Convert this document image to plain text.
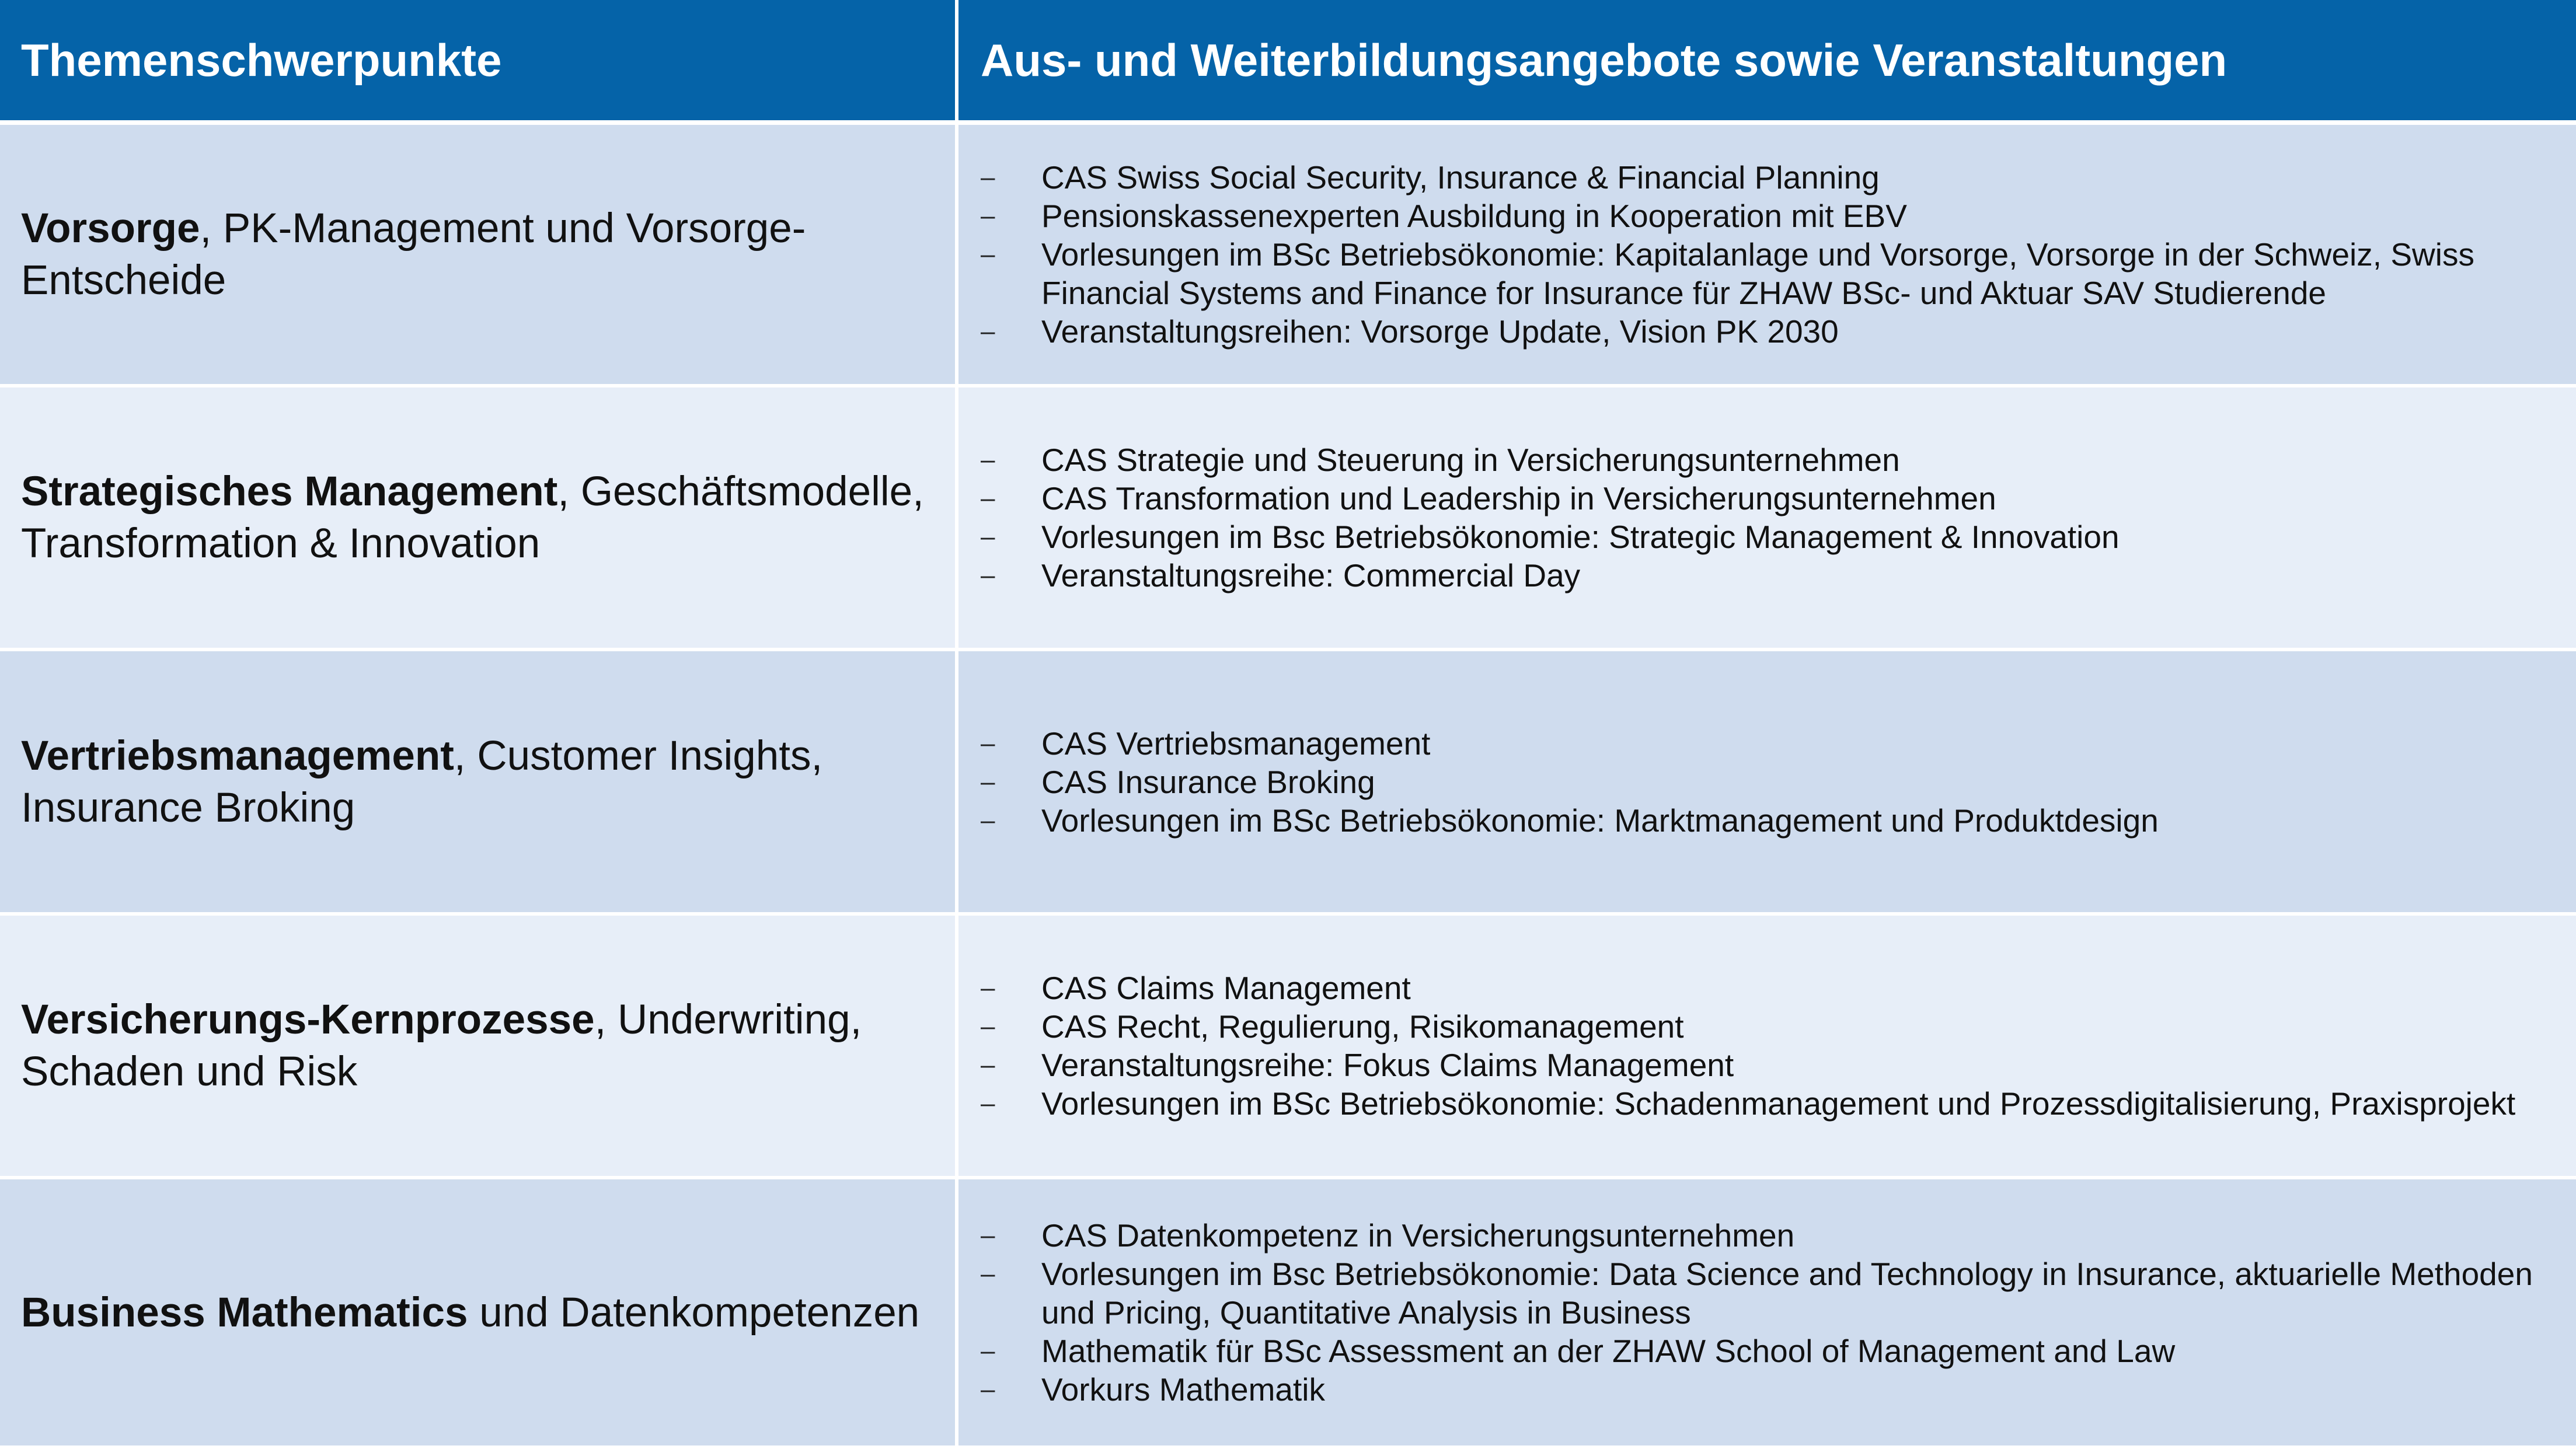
Themenschwerpunkte	Aus- und Weiterbildungsangebote sowie Veranstaltungen
Vorsorge, PK-Management und Vorsorge-Entscheide
– CAS Swiss Social Security, Insurance & Financial Planning
– Pensionskassenexperten Ausbildung in Kooperation mit EBV
– Vorlesungen im BSc Betriebsökonomie: Kapitalanlage und Vorsorge, Vorsorge in der Schweiz, Swiss Financial Systems and Finance for Insurance für ZHAW BSc- und Aktuar SAV Studierende
– Veranstaltungsreihen: Vorsorge Update, Vision PK 2030
Strategisches Management, Geschäftsmodelle, Transformation & Innovation
– CAS Strategie und Steuerung in Versicherungsunternehmen
– CAS Transformation und Leadership in Versicherungsunternehmen
– Vorlesungen im Bsc Betriebsökonomie: Strategic Management & Innovation
– Veranstaltungsreihe: Commercial Day
Vertriebsmanagement, Customer Insights, Insurance Broking
– CAS Vertriebsmanagement
– CAS Insurance Broking
– Vorlesungen im BSc Betriebsökonomie: Marktmanagement und Produktdesign
Versicherungs-Kernprozesse, Underwriting, Schaden und Risk
– CAS Claims Management
– CAS Recht, Regulierung, Risikomanagement
– Veranstaltungsreihe: Fokus Claims Management
– Vorlesungen im BSc Betriebsökonomie: Schadenmanagement und Prozessdigitalisierung, Praxisprojekt
Business Mathematics und Datenkompetenzen
– CAS Datenkompetenz in Versicherungsunternehmen
– Vorlesungen im Bsc Betriebsökonomie: Data Science and Technology in Insurance, aktuarielle Methoden und Pricing, Quantitative Analysis in Business
– Mathematik für BSc Assessment an der ZHAW School of Management and Law
– Vorkurs Mathematik
